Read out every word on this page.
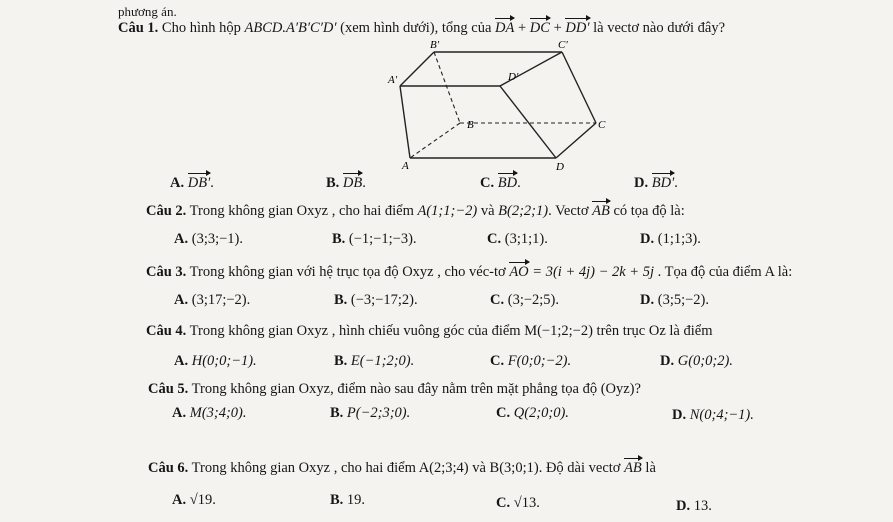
phương án.
Câu 1. Cho hình hộp ABCD.A′B′C′D′ (xem hình dưới), tổng của DA + DC + DD′ là vectơ nào dưới đây?
B′	C′
A′	D′
B	C
A	D
A. DB′.	B. DB.	C. BD.	D. BD′.
Câu 2. Trong không gian Oxyz , cho hai điểm A(1;1;−2) và B(2;2;1). Vectơ AB có tọa độ là:
A. (3;3;−1).	B. (−1;−1;−3).	C. (3;1;1).	D. (1;1;3).
Câu 3. Trong không gian với hệ trục tọa độ Oxyz , cho véc-tơ AO = 3(i + 4j) − 2k + 5j . Tọa độ của điểm A là:
A. (3;17;−2).	B. (−3;−17;2).	C. (3;−2;5).	D. (3;5;−2).
Câu 4. Trong không gian Oxyz , hình chiếu vuông góc của điểm M(−1;2;−2) trên trục Oz là điểm
A. H(0;0;−1).	B. E(−1;2;0).	C. F(0;0;−2).	D. G(0;0;2).
Câu 5. Trong không gian Oxyz, điểm nào sau đây nằm trên mặt phẳng tọa độ (Oyz)?
A. M(3;4;0).	B. P(−2;3;0).	C. Q(2;0;0).	D. N(0;4;−1).
Câu 6. Trong không gian Oxyz , cho hai điểm A(2;3;4) và B(3;0;1). Độ dài vectơ AB là
A. √19.	B. 19.	C. √13.	D. 13.
